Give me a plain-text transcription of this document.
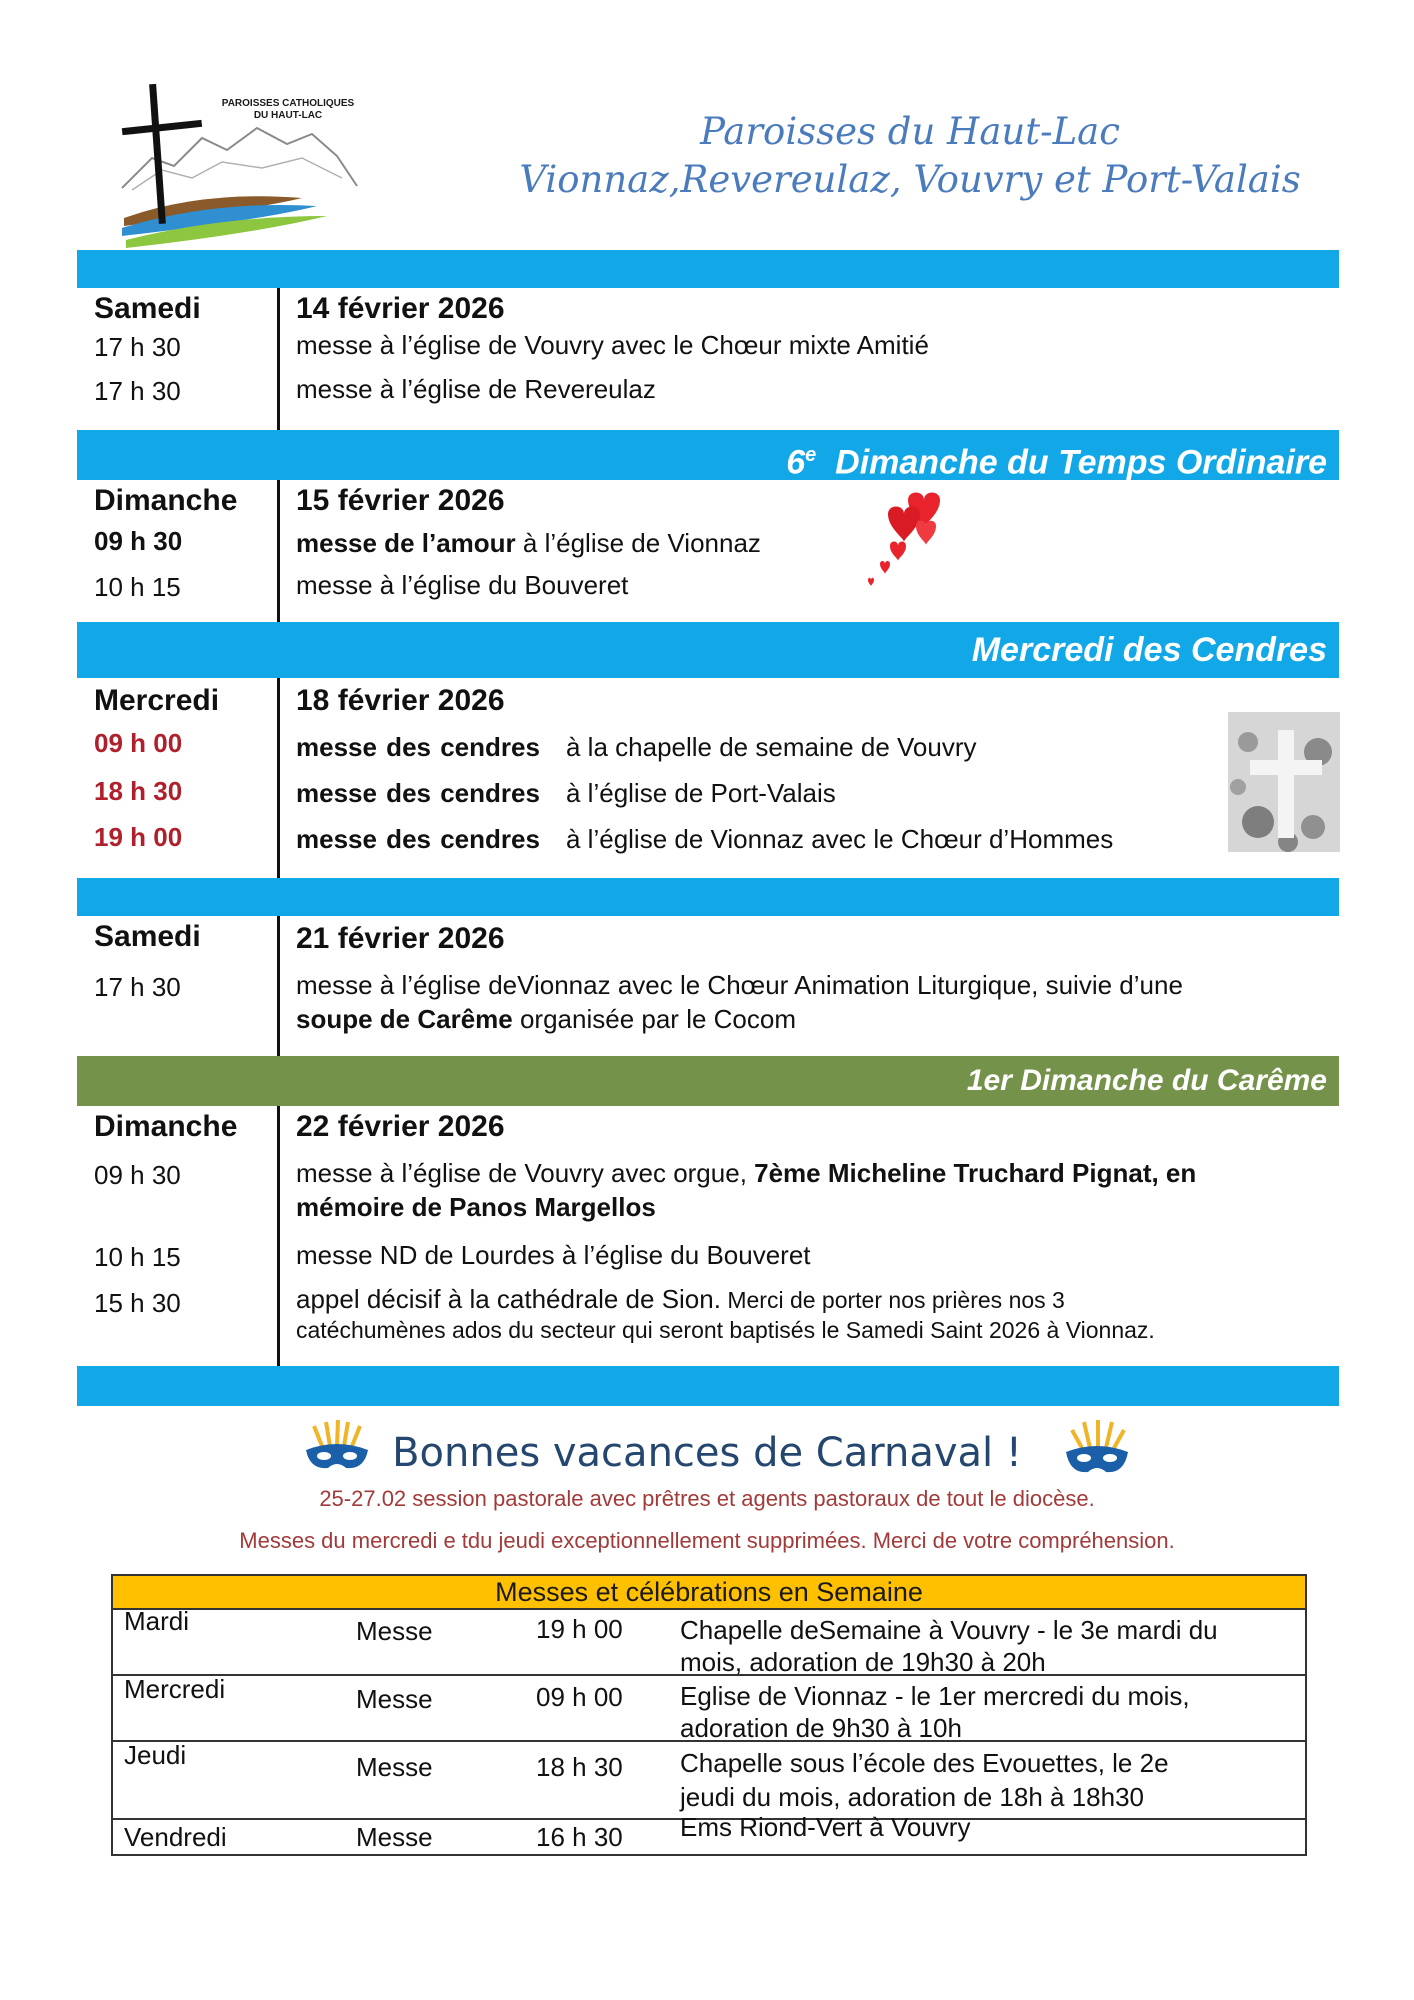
PAROISSES CATHOLIQUES
DU HAUT-LAC	Paroisses du Haut-Lac
Vionnaz,Revereulaz, Vouvry et Port-Valais
Samedi	14 février 2026
17 h 30	messe à l’église de Vouvry avec le Chœur mixte Amitié
17 h 30	messe à l’église de Revereulaz
6e Dimanche du Temps Ordinaire
Dimanche 15 février 2026
09 h 30	messe de l’amour à l’église de Vionnaz
10 h 15	messe à l’église du Bouveret
Mercredi des Cendres
Mercredi	18 février 2026
09 h 00	messe des cendres à la chapelle de semaine de Vouvry
18 h 30	messe des cendres à l’église de Port-Valais
19 h 00	messe des cendres à l’église de Vionnaz avec le Chœur d’Hommes
Samedi	21 février 2026
17 h 30	messe à l’église deVionnaz avec le Chœur Animation Liturgique, suivie d’une
soupe de Carême organisée par le Cocom
1er Dimanche du Carême
Dimanche 22 février 2026
09 h 30	messe à l’église de Vouvry avec orgue, 7ème Micheline Truchard Pignat, en
mémoire de Panos Margellos
10 h 15	messe ND de Lourdes à l’église du Bouveret
15 h 30	appel décisif à la cathédrale de Sion. Merci de porter nos prières nos 3
catéchumènes ados du secteur qui seront baptisés le Samedi Saint 2026 à Vionnaz.
Bonnes vacances de Carnaval !
25-27.02 session pastorale avec prêtres et agents pastoraux de tout le diocèse.
Messes du mercredi e tdu jeudi exceptionnellement supprimées. Merci de votre compréhension.
Messes et célébrations en Semaine
Mardi	Messe	19 h 00 Chapelle deSemaine à Vouvry - le 3e mardi du
mois, adoration de 19h30 à 20h
Mercredi	Messe	09 h 00 Eglise de Vionnaz - le 1er mercredi du mois,
adoration de 9h30 à 10h
Jeudi	Messe	18 h 30 Chapelle sous l’école des Evouettes, le 2e
jeudi du mois, adoration de 18h à 18h30
Vendredi	Messe	16 h 30 Ems Riond-Vert à Vouvry
